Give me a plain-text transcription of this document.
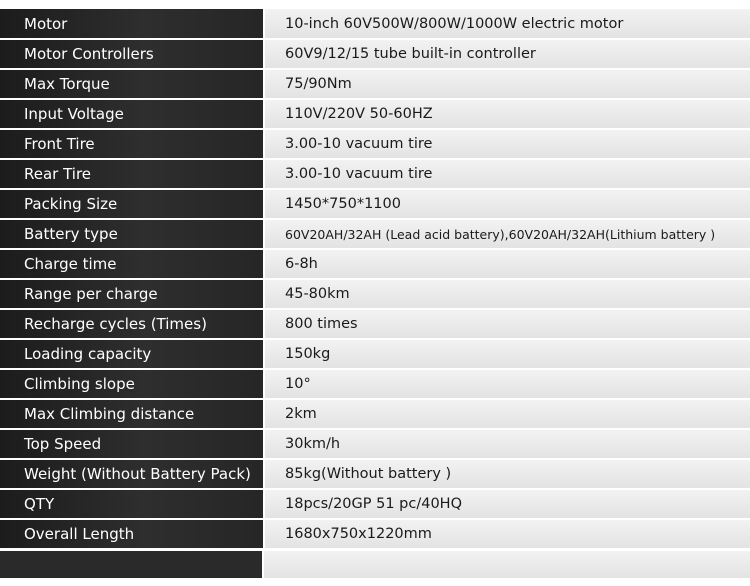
Motor	10-inch 60V500W/800W/1000W electric motor
Motor Controllers	60V9/12/15 tube built-in controller
Max Torque	75/90Nm
Input Voltage	110V/220V 50-60HZ
Front Tire	3.00-10 vacuum tire
Rear Tire	3.00-10 vacuum tire
Packing Size	1450*750*1100
Battery type	60V20AH/32AH (Lead acid battery),60V20AH/32AH(Lithium battery )
Charge time	6-8h
Range per charge	45-80km
Recharge cycles (Times)	800 times
Loading capacity	150kg
Climbing slope	10°
Max Climbing distance	2km
Top Speed	30km/h
Weight (Without Battery Pack)	85kg(Without battery )
QTY	18pcs/20GP 51 pc/40HQ
Overall Length	1680x750x1220mm
